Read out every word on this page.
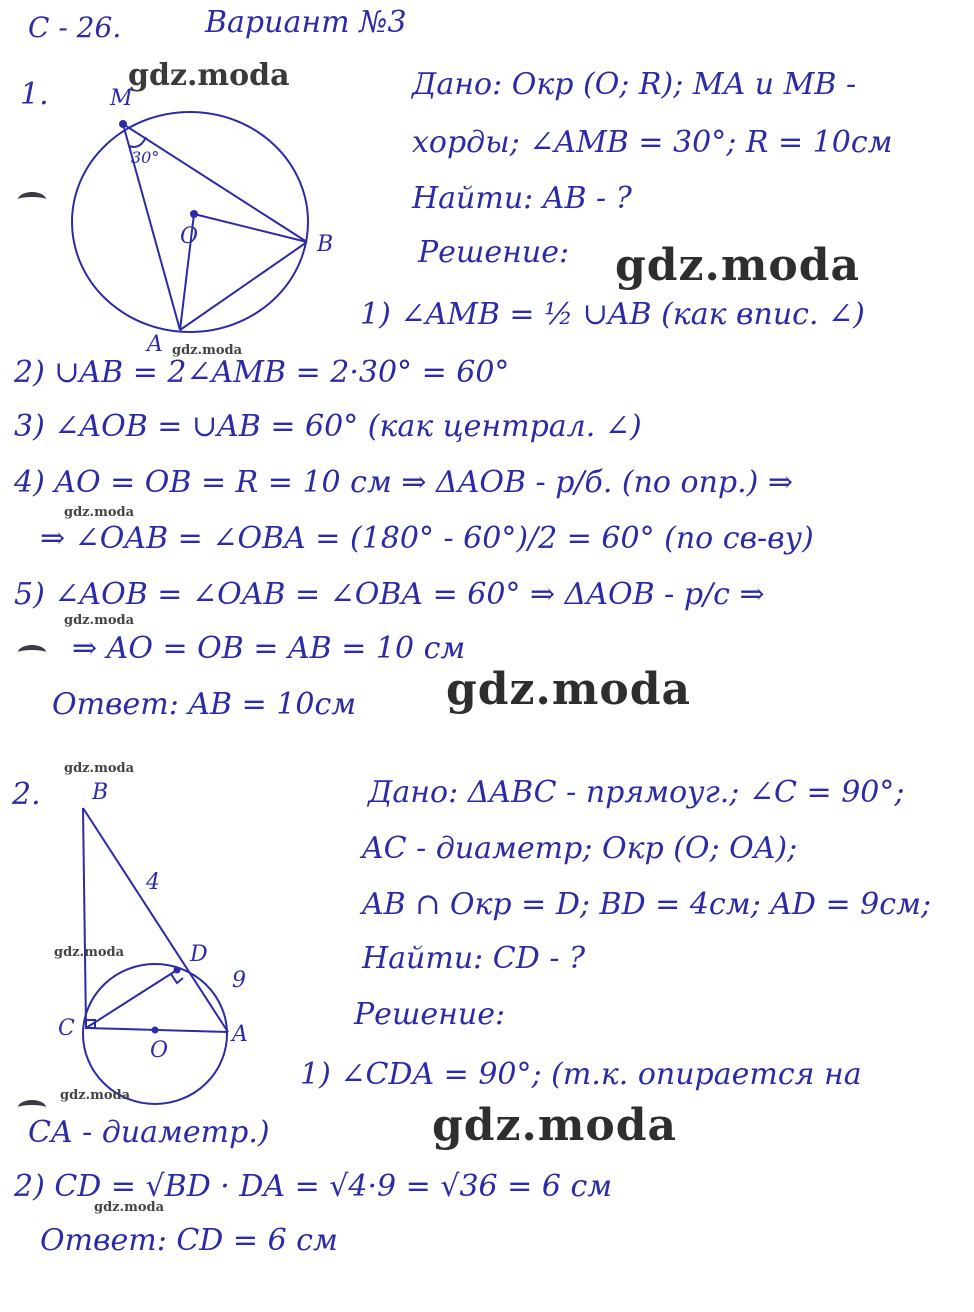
С - 26.	Вариант №3
1.	M
30°
O	B
A
Дано: Окр (O; R); MA и MB -
хорды; ∠AMB = 30°; R = 10см
Найти: AB - ?
Решение:
1) ∠AMB = ½ ∪AB (как впис. ∠)
2) ∪AB = 2∠AMB = 2·30° = 60°
3) ∠AOB = ∪AB = 60° (как централ. ∠)
4) AO = OB = R = 10 см ⇒ ΔAOB - р/б. (по опр.) ⇒
⇒ ∠OAB = ∠OBA = (180° - 60°)/2 = 60° (по св-ву)
5) ∠AOB = ∠OAB = ∠OBA = 60° ⇒ ΔAOB - р/с ⇒
⇒ AO = OB = AB = 10 см
Ответ: AB = 10см
2. B
4
D
9
C
O
A
Дано: ΔABC - прямоуг.; ∠C = 90°;
AC - диаметр; Окр (O; OA);
AB ∩ Окр = D; BD = 4см; AD = 9см;
Найти: CD - ?
Решение:
1) ∠CDA = 90°; (т.к. опирается на
CA - диаметр.)
2) CD = √BD · DA = √4·9 = √36 = 6 см
Ответ: CD = 6 см
gdz.moda
gdz.moda
gdz.moda
gdz.moda
gdz.moda
gdz.moda
gdz.moda
gdz.moda
gdz.moda
gdz.moda
gdz.moda
